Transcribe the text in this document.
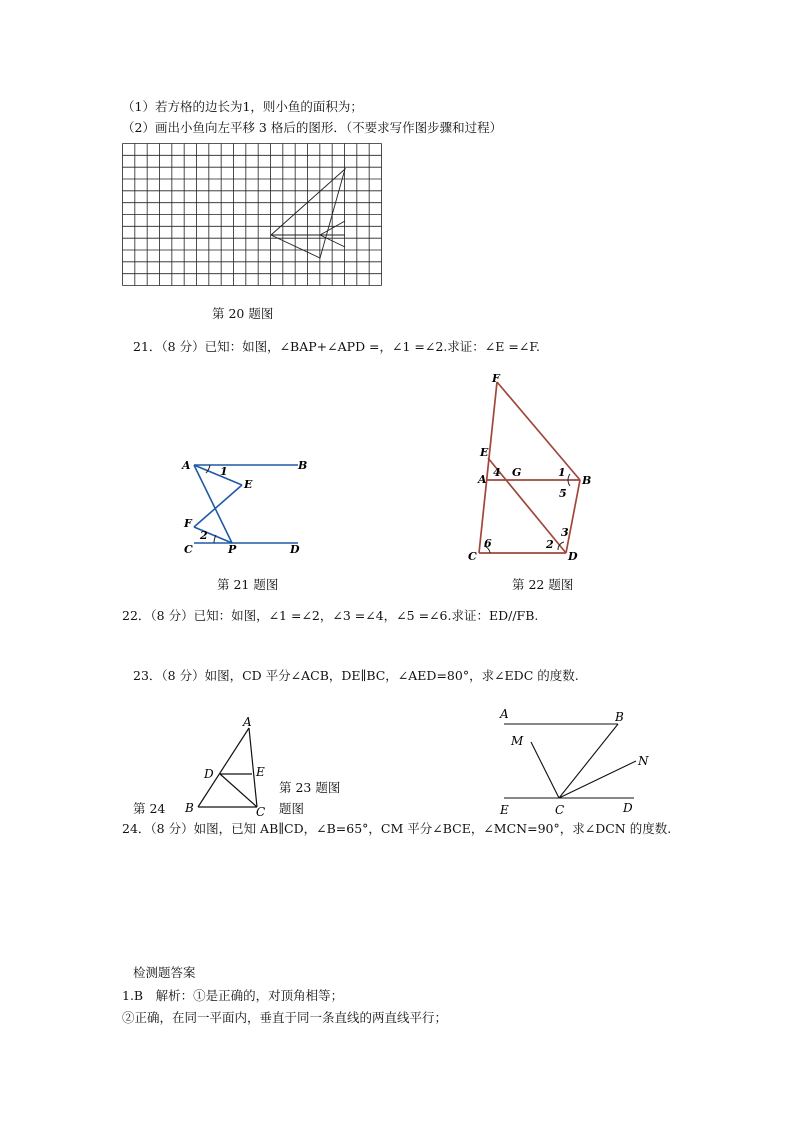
（1）若方格的边长为1，则小鱼的面积为；
（2）画出小鱼向左平移 3 格后的图形．（不要求写作图步骤和过程）
第 20 题图
21．（8 分）已知：如图，∠BAP+∠APD =，∠1 =∠2.求证：∠E =∠F.
A	B
1
E
F
2
C	P	D
F
E
4 G	1
A	B
5
3
6	2
C	D
第 21 题图	第 22 题图
22．（8 分）已知：如图，∠1 =∠2，∠3 =∠4，∠5 =∠6.求证：ED//FB.
23．（8 分）如图，CD 平分∠ACB，DE∥BC，∠AED=80°，求∠EDC 的度数.
A
D	E
B	C
第 23 题图
第 24	题图
A	B
M
N
E	C	D
24．（8 分）如图，已知 AB∥CD，∠B=65°，CM 平分∠BCE，∠MCN=90°，求∠DCN 的度数.
检测题答案
1.B　解析：①是正确的，对顶角相等；
②正确，在同一平面内，垂直于同一条直线的两直线平行；
